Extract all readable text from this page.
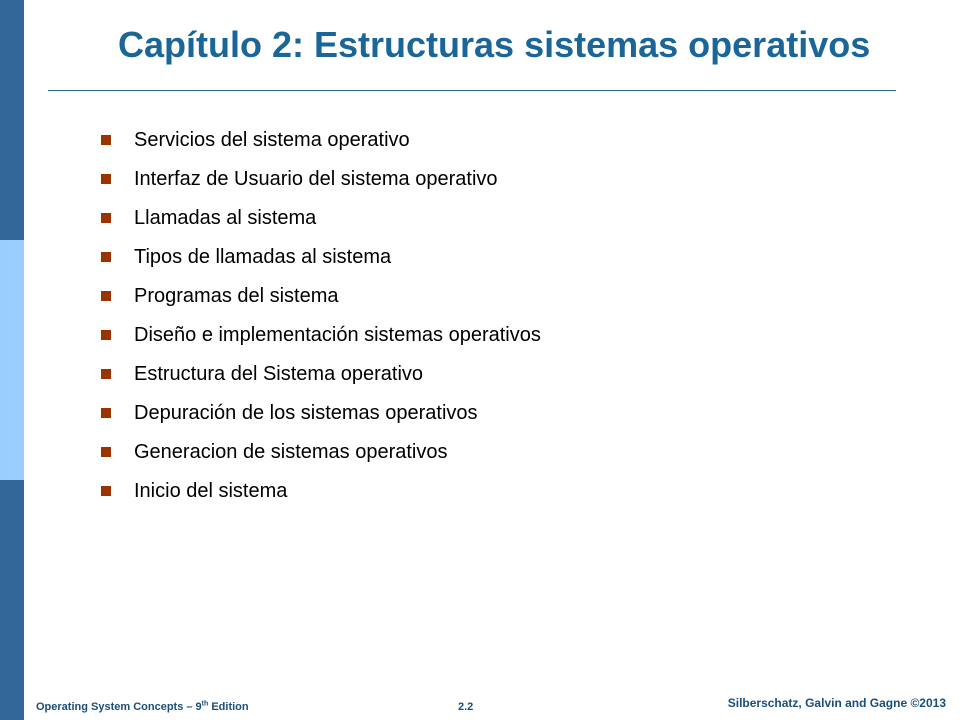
Capítulo 2: Estructuras sistemas operativos
Servicios del sistema operativo
Interfaz de Usuario del sistema operativo
Llamadas al sistema
Tipos de llamadas al sistema
Programas del sistema
Diseño e implementación sistemas operativos
Estructura del Sistema operativo
Depuración de los sistemas operativos
Generacion de sistemas operativos
Inicio del sistema
Operating System Concepts – 9th Edition	2.2	Silberschatz, Galvin and Gagne ©2013
